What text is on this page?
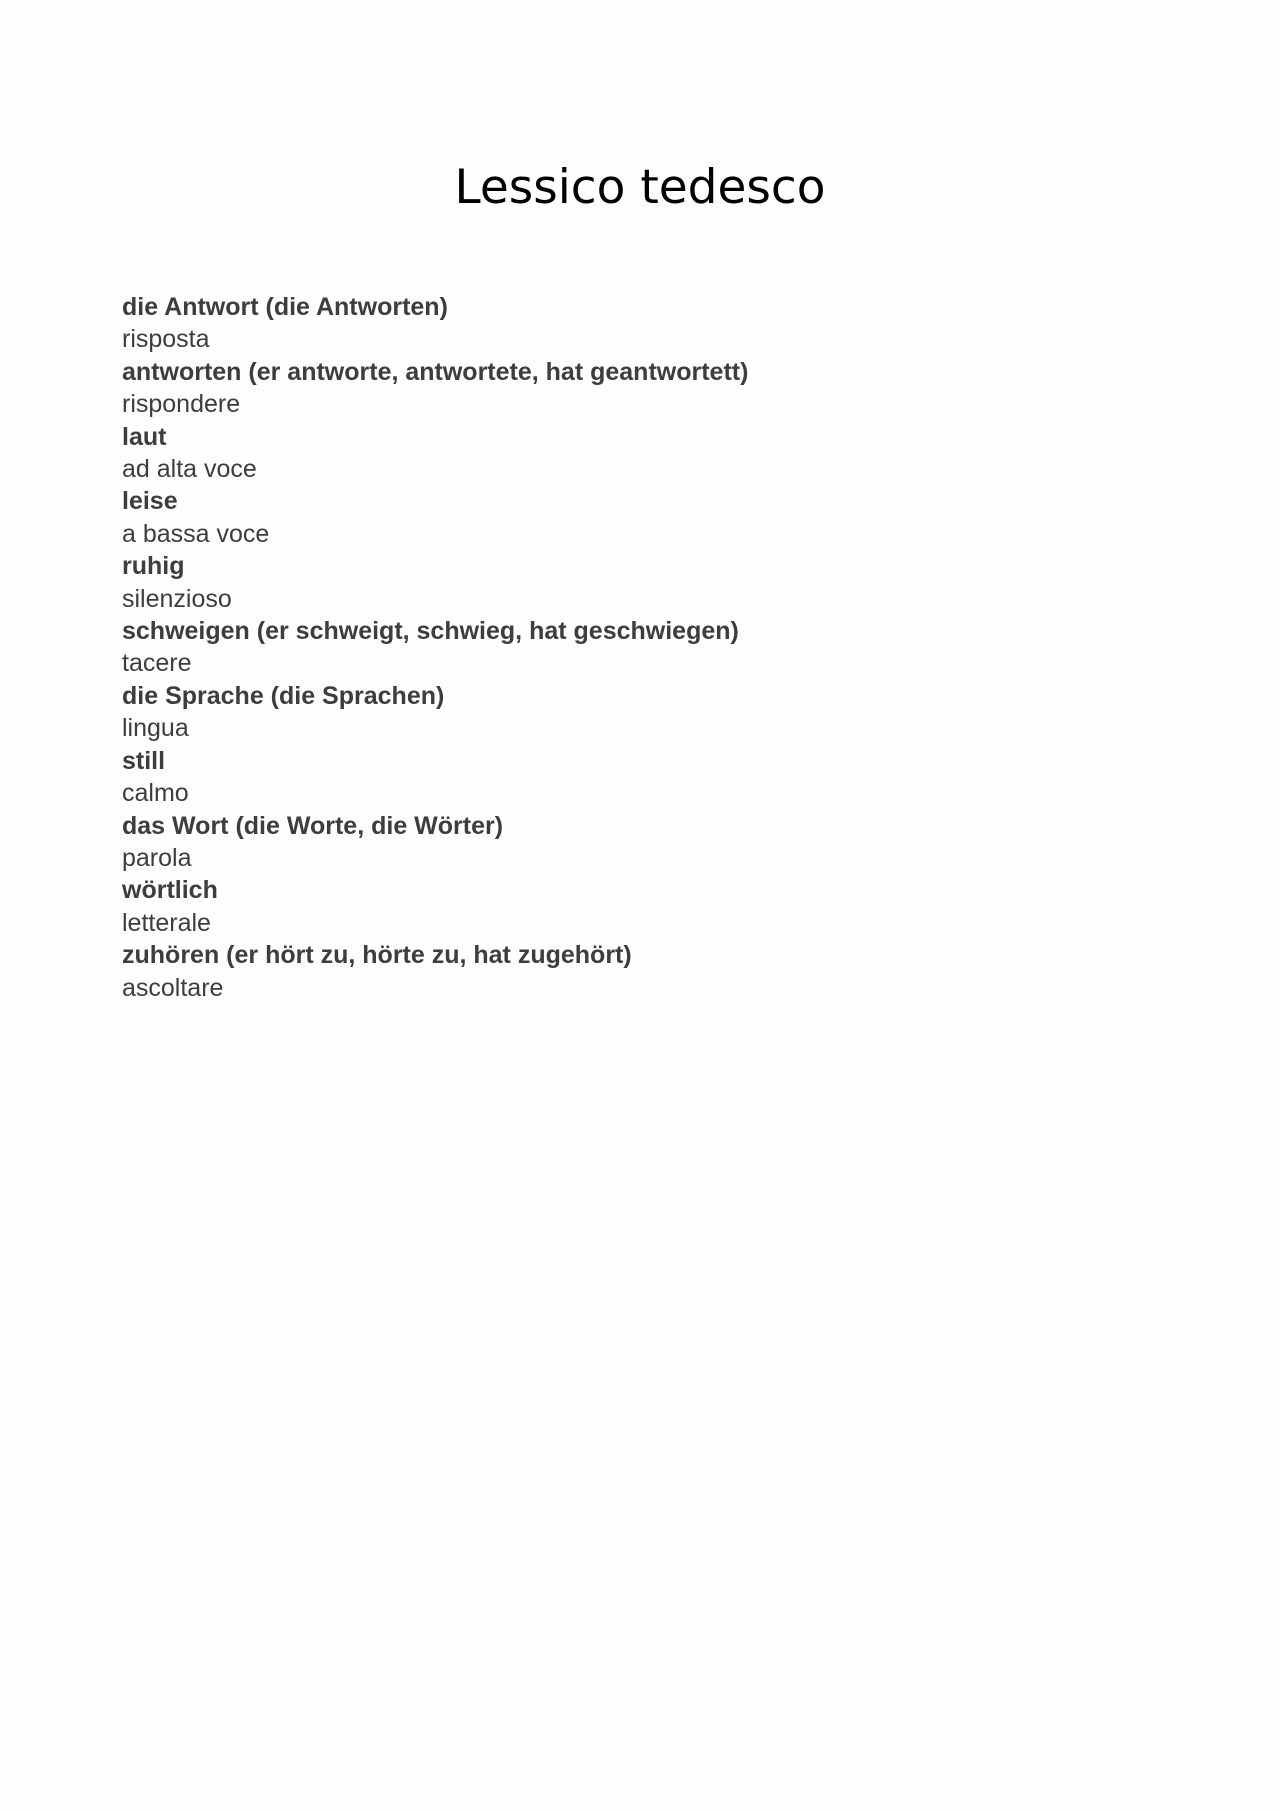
Lessico tedesco
die Antwort (die Antworten)
risposta
antworten (er antworte, antwortete, hat geantwortett)
rispondere
laut
ad alta voce
leise
a bassa voce
ruhig
silenzioso
schweigen (er schweigt, schwieg, hat geschwiegen)
tacere
die Sprache (die Sprachen)
lingua
still
calmo
das Wort (die Worte, die Wörter)
parola
wörtlich
letterale
zuhören (er hört zu, hörte zu, hat zugehört)
ascoltare
